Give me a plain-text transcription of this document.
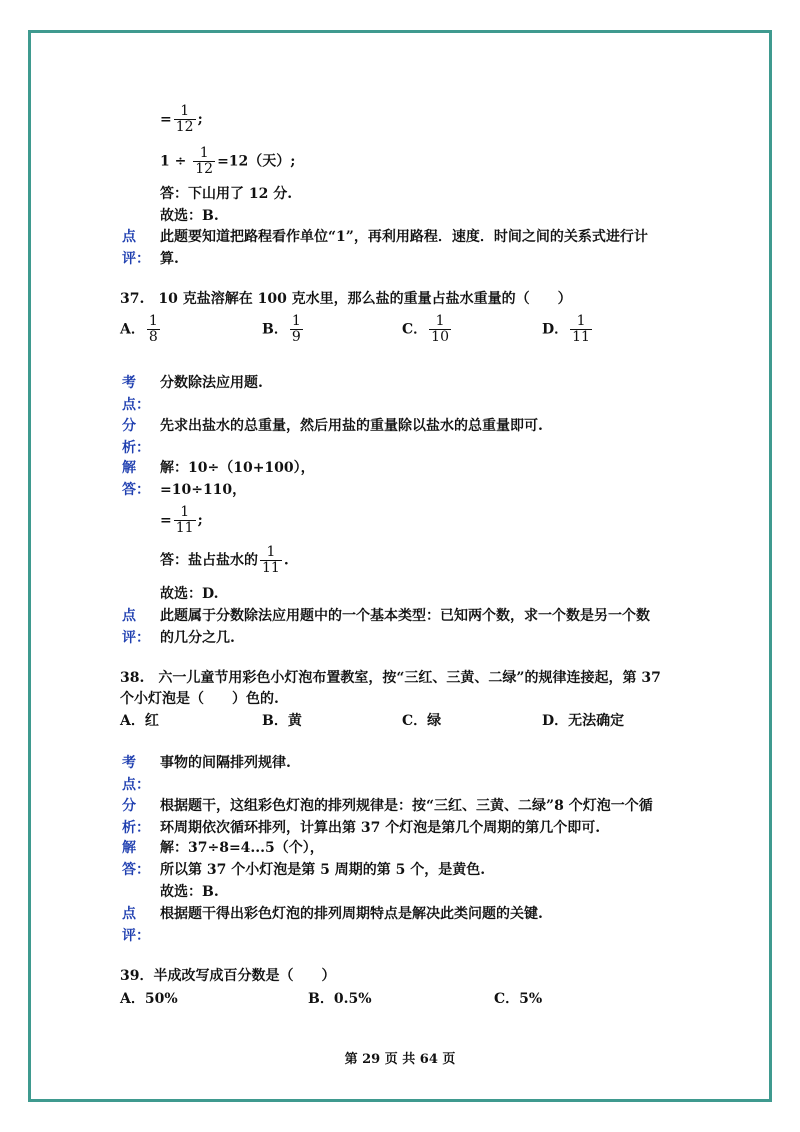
= $\frac{1}{12}$ ;
$1 \div \frac{1}{12} =12$（天）;
答：下山用了 12 分.
故选：B.
点
评：
此题要知道把路程看作单位“1”，再利用路程．速度．时间之间的关系式进行计
算.
37.　10 克盐溶解在 100 克水里，那么盐的重量占盐水重量的（　　）
A． $\frac{1}{8}$	B． $\frac{1}{9}$	C． $\frac{1}{10}$	D． $\frac{1}{11}$
考
点：
分数除法应用题.
分
析：
先求出盐水的总重量，然后用盐的重量除以盐水的总重量即可.
解
答：
解：10÷（10+100），
=10÷110，
= $\frac{1}{11}$ ;
答：盐占盐水的 $\frac{1}{11}$ .
故选：D.
点
评：
此题属于分数除法应用题中的一个基本类型：已知两个数，求一个数是另一个数
的几分之几.
38.　六一儿童节用彩色小灯泡布置教室，按“三红、三黄、二绿”的规律连接起，第 37
个小灯泡是（　　）色的.
A．红	B．黄	C．绿	D．无法确定
考
点：
事物的间隔排列规律.
分
析：
根据题干，这组彩色灯泡的排列规律是：按“三红、三黄、二绿”8 个灯泡一个循
环周期依次循环排列，计算出第 37 个灯泡是第几个周期的第几个即可.
解
答：
解：37÷8=4...5（个），
所以第 37 个小灯泡是第 5 周期的第 5 个，是黄色.
故选：B.
点
评：
根据题干得出彩色灯泡的排列周期特点是解决此类问题的关键.
39．半成改写成百分数是（　　）
A．50%	B．0.5%	C．5%
第 29 页 共 64 页
